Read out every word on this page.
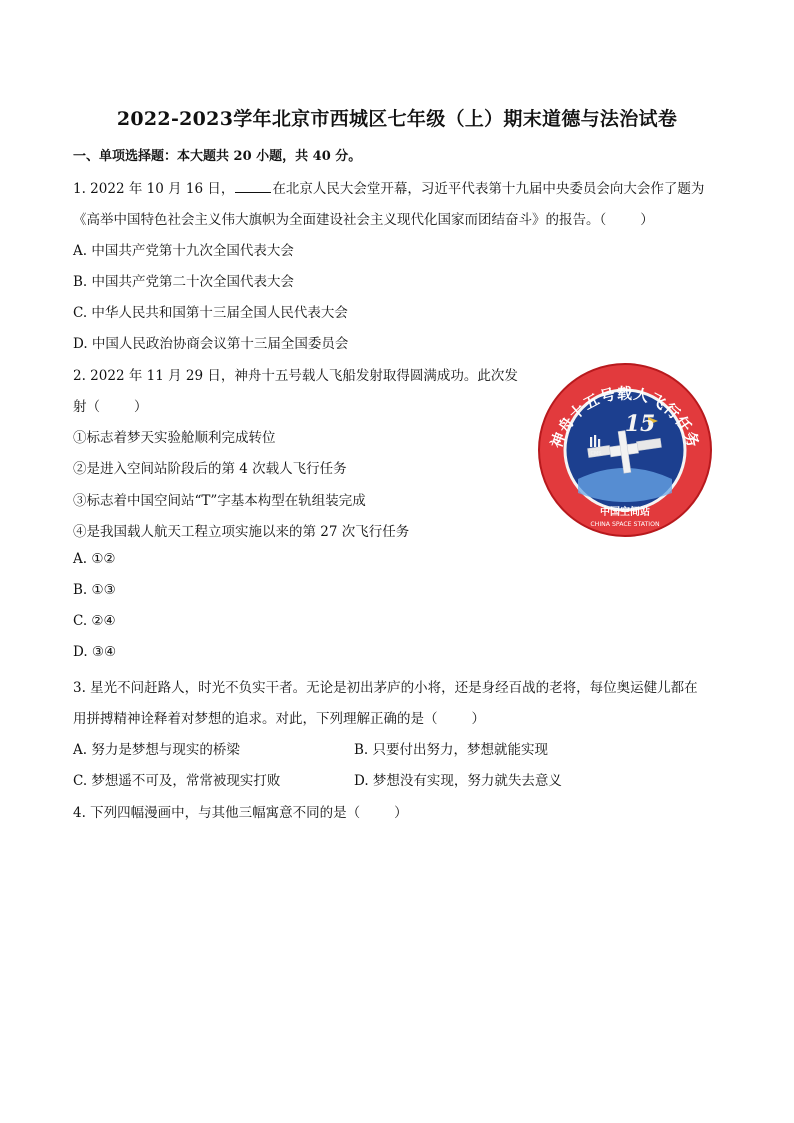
2022-2023学年北京市西城区七年级（上）期末道德与法治试卷
一、单项选择题：本大题共 20 小题，共 40 分。
1. 2022 年 10 月 16 日，	在北京人民大会堂开幕，习近平代表第十九届中央委员会向大会作了题为
《高举中国特色社会主义伟大旗帜为全面建设社会主义现代化国家而团结奋斗》的报告。（	）
A. 中国共产党第十九次全国代表大会
B. 中国共产党第二十次全国代表大会
C. 中华人民共和国第十三届全国人民代表大会
D. 中国人民政治协商会议第十三届全国委员会
2. 2022 年 11 月 29 日，神舟十五号载人飞船发射取得圆满成功。此次发
射（	）
①标志着梦天实验舱顺利完成转位
②是进入空间站阶段后的第 4 次载人飞行任务
③标志着中国空间站“T”字基本构型在轨组装完成
④是我国载人航天工程立项实施以来的第 27 次飞行任务
A. ①②
B. ①③
C. ②④
D. ③④
15
CMS
神舟十五号载人飞行任务
中国空间站
CHINA SPACE STATION
3. 星光不问赶路人，时光不负实干者。无论是初出茅庐的小将，还是身经百战的老将，每位奥运健儿都在
用拼搏精神诠释着对梦想的追求。对此，下列理解正确的是（	）
A. 努力是梦想与现实的桥梁	B. 只要付出努力，梦想就能实现
C. 梦想遥不可及，常常被现实打败	D. 梦想没有实现，努力就失去意义
4. 下列四幅漫画中，与其他三幅寓意不同的是（	）
